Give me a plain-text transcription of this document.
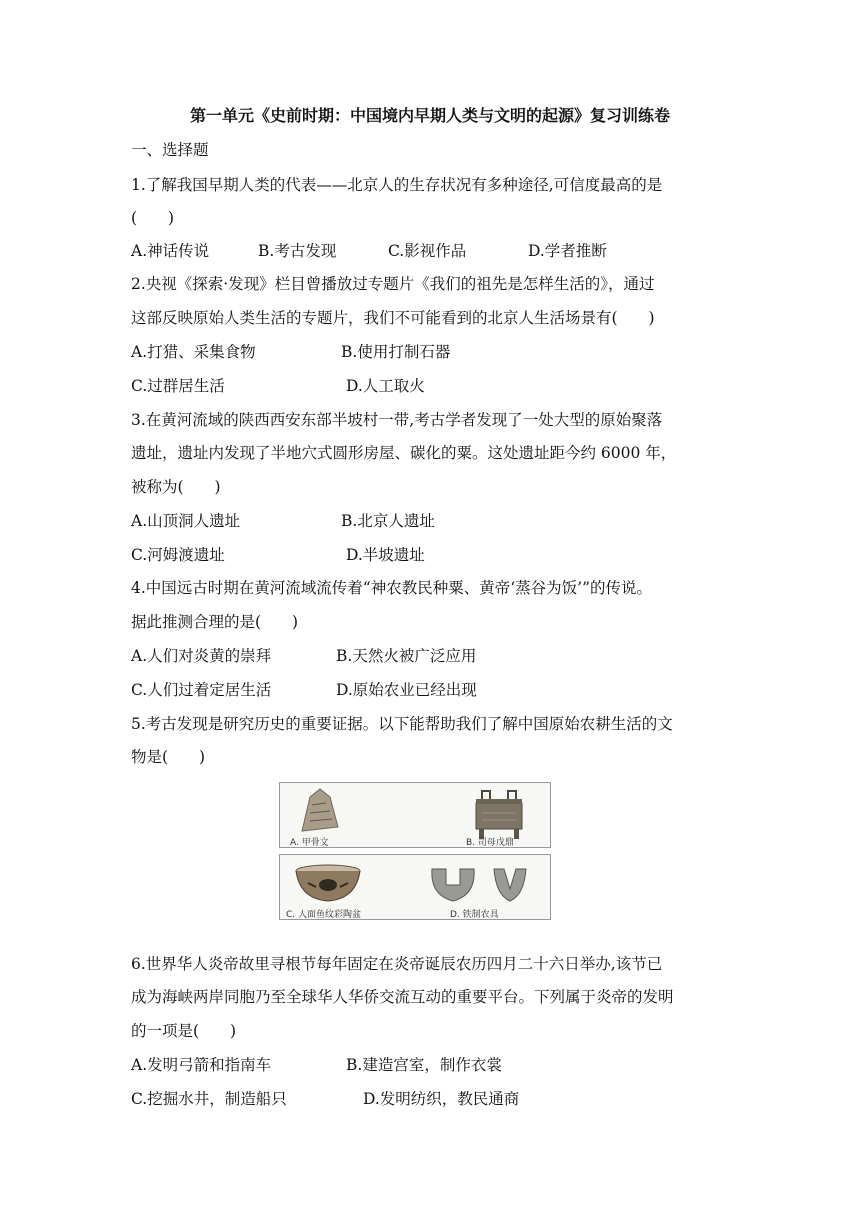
第一单元《史前时期：中国境内早期人类与文明的起源》复习训练卷
一、选择题
1.了解我国早期人类的代表——北京人的生存状况有多种途径,可信度最高的是
(　　)
A.神话传说	B.考古发现	C.影视作品	D.学者推断
2.央视《探索·发现》栏目曾播放过专题片《我们的祖先是怎样生活的》，通过
这部反映原始人类生活的专题片，我们不可能看到的北京人生活场景有(　　)
A.打猎、采集食物	B.使用打制石器
C.过群居生活	D.人工取火
3.在黄河流域的陕西西安东部半坡村一带,考古学者发现了一处大型的原始聚落
遗址，遗址内发现了半地穴式圆形房屋、碳化的粟。这处遗址距今约 6000 年，
被称为(　　)
A.山顶洞人遗址	B.北京人遗址
C.河姆渡遗址	D.半坡遗址
4.中国远古时期在黄河流域流传着“神农教民种粟、黄帝‘蒸谷为饭’”的传说。
据此推测合理的是(　　)
A.人们对炎黄的崇拜	B.天然火被广泛应用
C.人们过着定居生活	D.原始农业已经出现
5.考古发现是研究历史的重要证据。以下能帮助我们了解中国原始农耕生活的文
物是(　　)
A. 甲骨文	B. 司母戊鼎
C. 人面鱼纹彩陶盆	D. 铁制农具
6.世界华人炎帝故里寻根节每年固定在炎帝诞辰农历四月二十六日举办,该节已
成为海峡两岸同胞乃至全球华人华侨交流互动的重要平台。下列属于炎帝的发明
的一项是(　　)
A.发明弓箭和指南车	B.建造宫室，制作衣裳
C.挖掘水井，制造船只	D.发明纺织，教民通商
